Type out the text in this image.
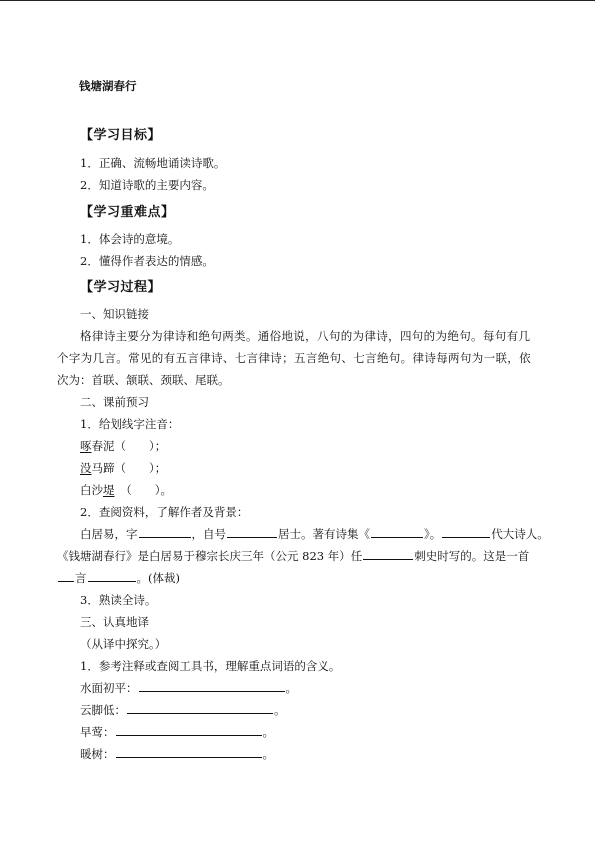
钱塘湖春行
【学习目标】
1．正确、流畅地诵读诗歌。
2．知道诗歌的主要内容。
【学习重难点】
1．体会诗的意境。
2．懂得作者表达的情感。
【学习过程】
一、知识链接
格律诗主要分为律诗和绝句两类。通俗地说，八句的为律诗，四句的为绝句。每句有几
个字为几言。常见的有五言律诗、七言律诗；五言绝句、七言绝句。律诗每两句为一联，依
次为：首联、颔联、颈联、尾联。
二、课前预习
1．给划线字注音：
啄春泥（　　）；
没马蹄（　　）；
白沙堤　（　　）。
2．查阅资料，了解作者及背景：
白居易，字	，自号	居士。著有诗集《	》。	代大诗人。
《钱塘湖春行》是白居易于穆宗长庆三年（公元 823 年）任	刺史时写的。这是一首
言	。(体裁)
3．熟读全诗。
三、认真地译
（从译中探究。）
1．参考注释或查阅工具书，理解重点词语的含义。
水面初平：	。
云脚低：	。
早莺：	。
暖树：	。
